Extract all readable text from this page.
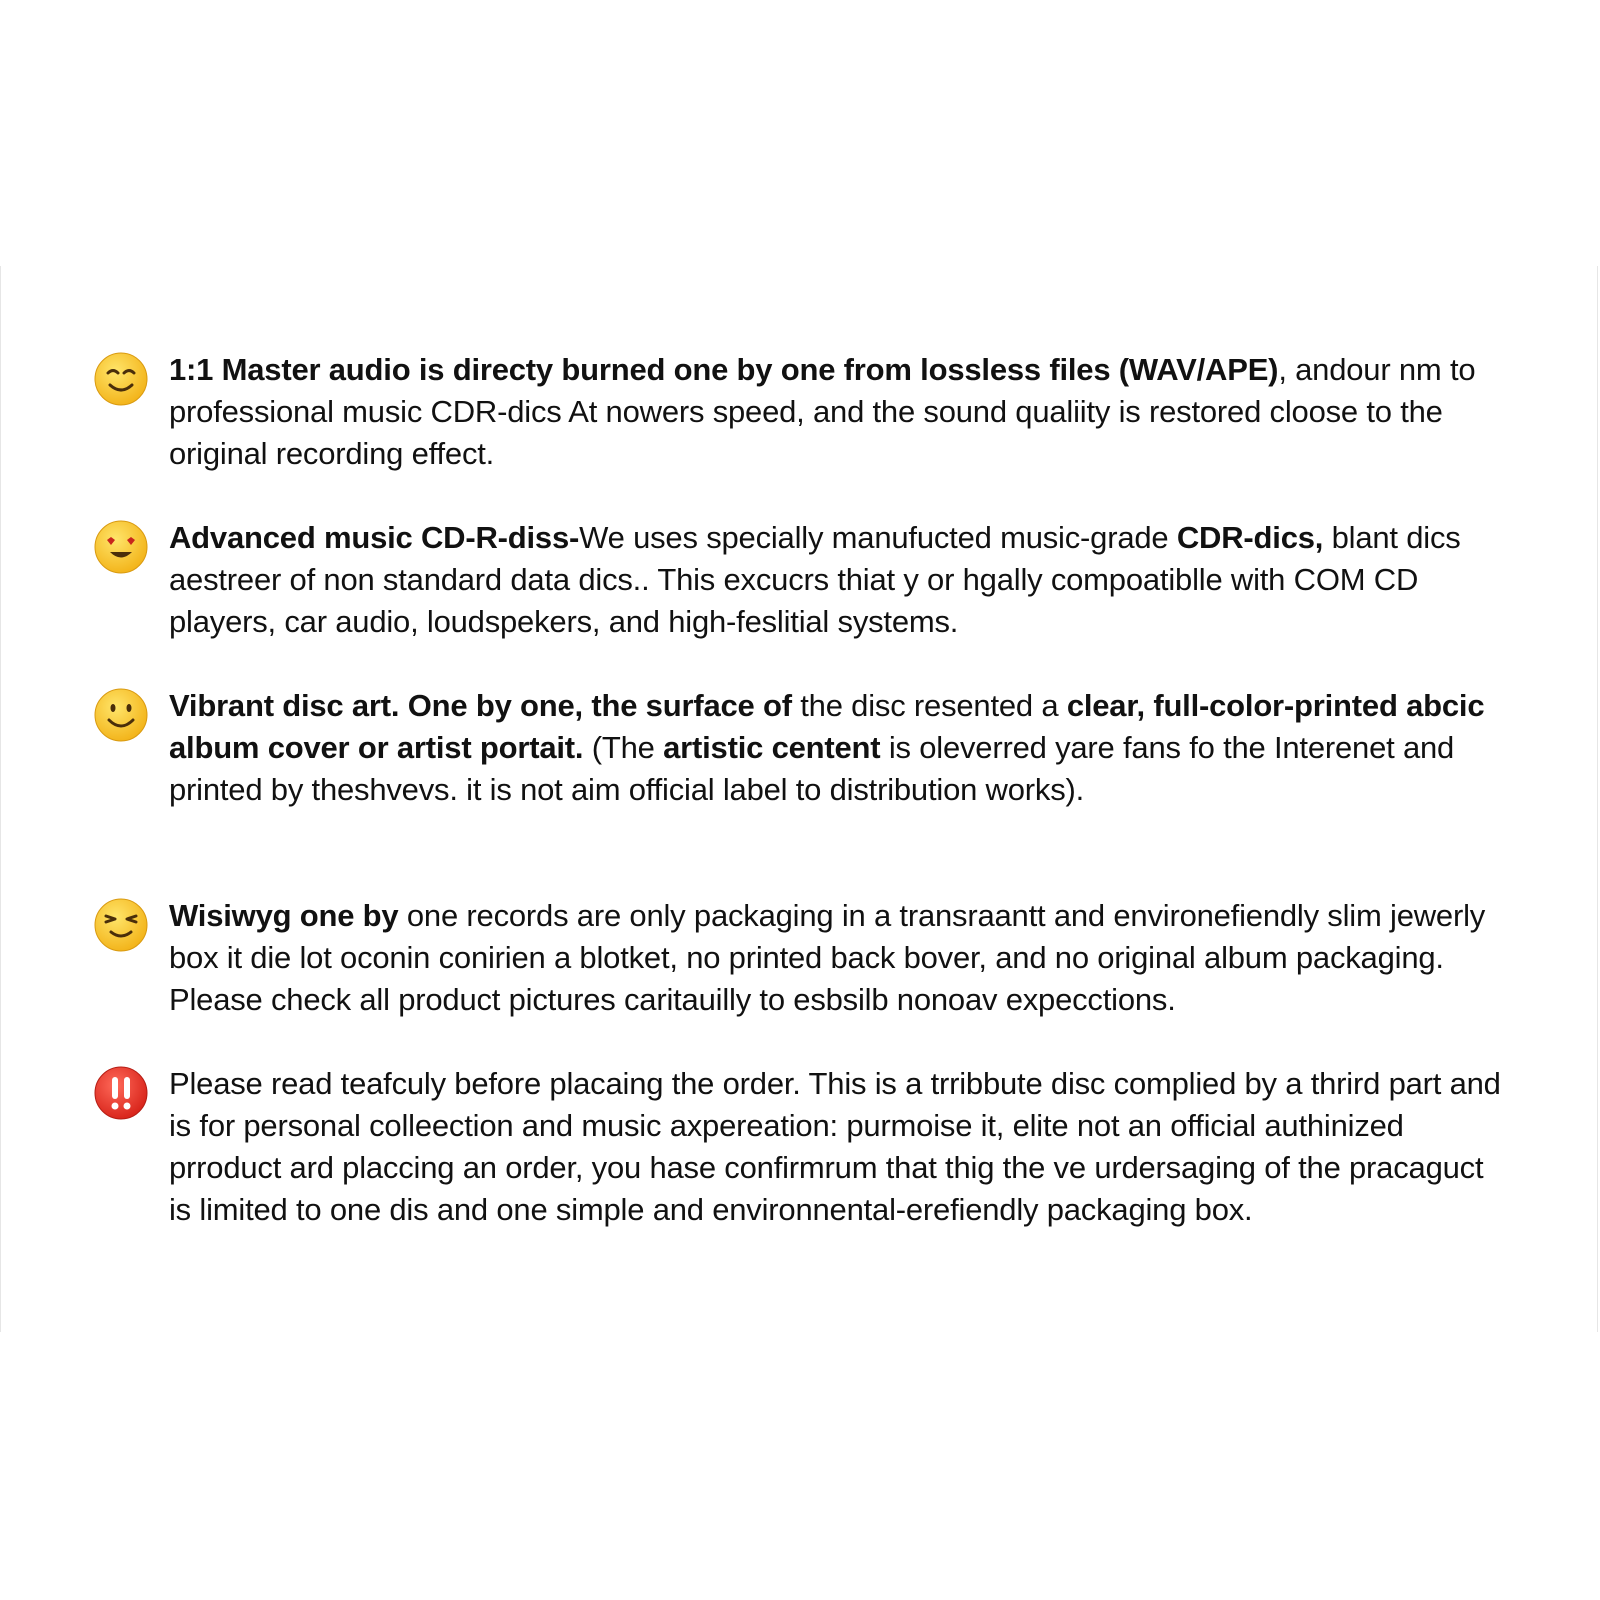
1:1 Master audio is directy burned one by one from lossless files (WAV/APE), andour nm to professional music CDR-dics At nowers speed, and the sound qualiity is restored cloose to the original recording effect.
Advanced music CD-R-diss-We uses specially manufucted music-grade CDR-dics, blant dics aestreer of non standard data dics.. This excucrs thiat y or hgally compoatiblle with COM CD players, car audio, loudspekers, and high-feslitial systems.
Vibrant disc art. One by one, the surface of the disc resented a clear, full-color-printed abcic album cover or artist portait. (The artistic centent is oleverred yare fans fo the Interenet and printed by theshvevs. it is not aim official label to distribution works).
Wisiwyg one by one records are only packaging in a transraantt and environefiendly slim jewerly box it die lot oconin conirien a blotket, no printed back bover, and no original album packaging. Please check all product pictures caritauilly to esbsilb nonoav expecctions.
Please read teafculy before placaing the order. This is a trribbute disc complied by a thrird part and is for personal colleection and music axpereation: purmoise it, elite not an official authinized prroduct ard placcing an order, you hase confirmrum that thig the ve urdersaging of the pracaguct is limited to one dis and one simple and environnental-erefiendly packaging box.
